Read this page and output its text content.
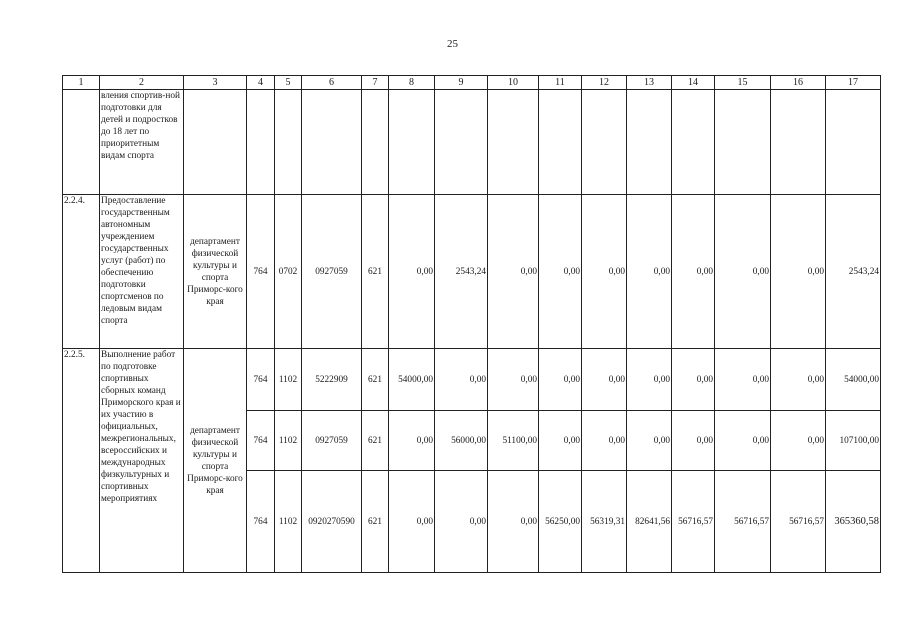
25
1	2	3	4	5	6	7	8	9	10	11	12	13	14	15	16	17
	вления спортив-ной подготовки для детей и подростков до 18 лет по приоритетным видам спорта															
2.2.4.	Предоставление государственным автономным учреждением государственных услуг (работ) по обеспечению подготовки спортсменов по ледовым видам спорта	департамент физической культуры и спорта Приморс-кого края	764	0702	0927059	621	0,00	2543,24	0,00	0,00	0,00	0,00	0,00	0,00	0,00	2543,24
2.2.5.	Выполнение работ по подготовке спортивных сборных команд Приморского края и их участию в официальных, межрегиональных, всероссийских и международных физкультурных и спортивных мероприятиях	департамент физической культуры и спорта Приморс-кого края	764	1102	5222909	621	54000,00	0,00	0,00	0,00	0,00	0,00	0,00	0,00	0,00	54000,00
			764	1102	0927059	621	0,00	56000,00	51100,00	0,00	0,00	0,00	0,00	0,00	0,00	107100,00
			764	1102	0920270590	621	0,00	0,00	0,00	56250,00	56319,31	82641,56	56716,57	56716,57	56716,57	365360,58
